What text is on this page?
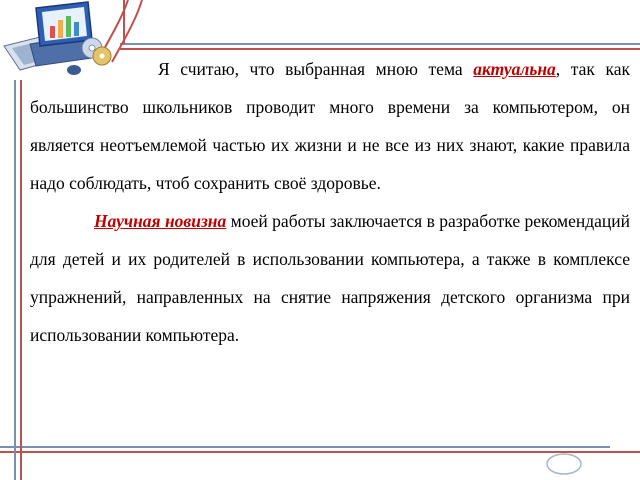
Я считаю, что выбранная мною тема актуальна, так как большинство школьников проводит много времени за компьютером, он является неотъемлемой частью их жизни и не все из них знают, какие правила надо соблюдать, чтоб сохранить своё здоровье.

Научная новизна моей работы заключается в разработке рекомендаций для детей и их родителей в использовании компьютера, а также в комплексе упражнений, направленных на снятие напряжения детского организма при использовании компьютера.
